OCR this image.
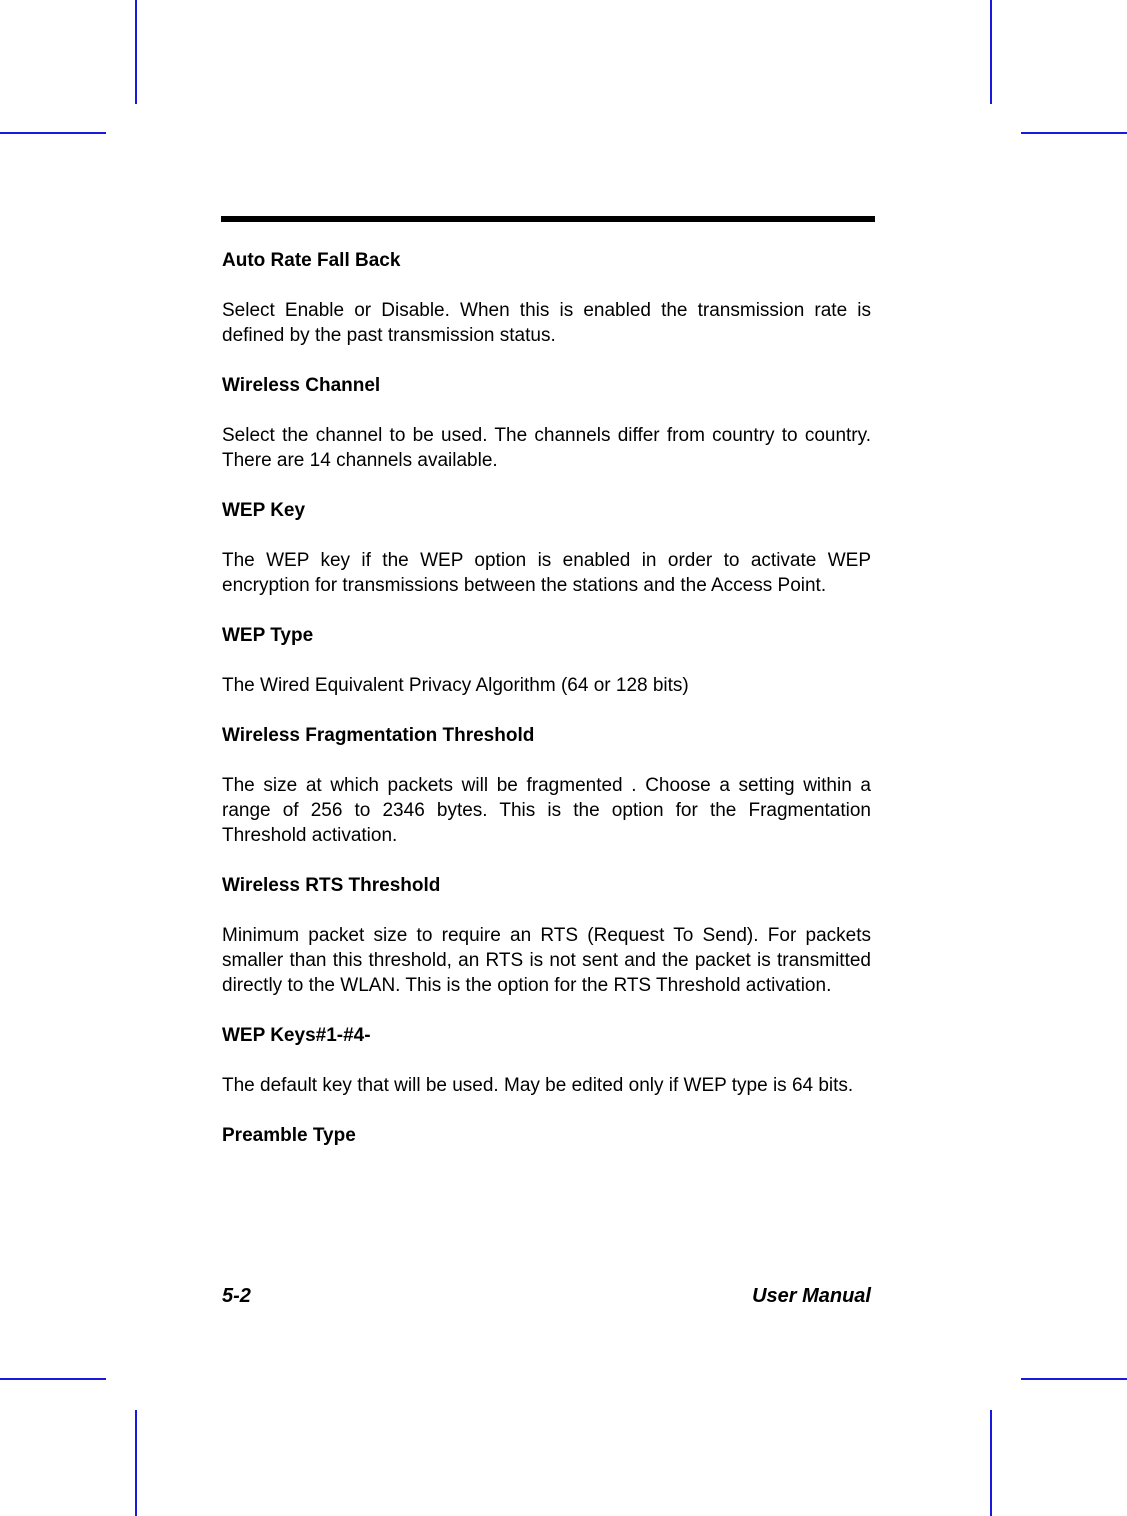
Auto Rate Fall Back
Select Enable or Disable. When this is enabled the transmission rate is defined by the past transmission status.
Wireless Channel
Select the channel to be used. The channels differ from country to country. There are 14 channels available.
WEP Key
The WEP key if the WEP option is enabled in order to activate WEP encryption for transmissions between the stations and the Access Point.
WEP Type
The Wired Equivalent Privacy Algorithm (64 or 128 bits)
Wireless Fragmentation Threshold
The size at which packets will be fragmented . Choose a setting within a range of 256 to 2346 bytes. This is the option for the Fragmentation Threshold activation.
Wireless RTS Threshold
Minimum packet size to require an RTS (Request To Send). For packets smaller than this threshold, an RTS is not sent and the packet is transmitted directly to the WLAN. This is the option for the RTS Threshold activation.
WEP Keys#1-#4-
The default key that will be used. May be edited only if WEP type is 64 bits.
Preamble Type
5-2	User Manual
